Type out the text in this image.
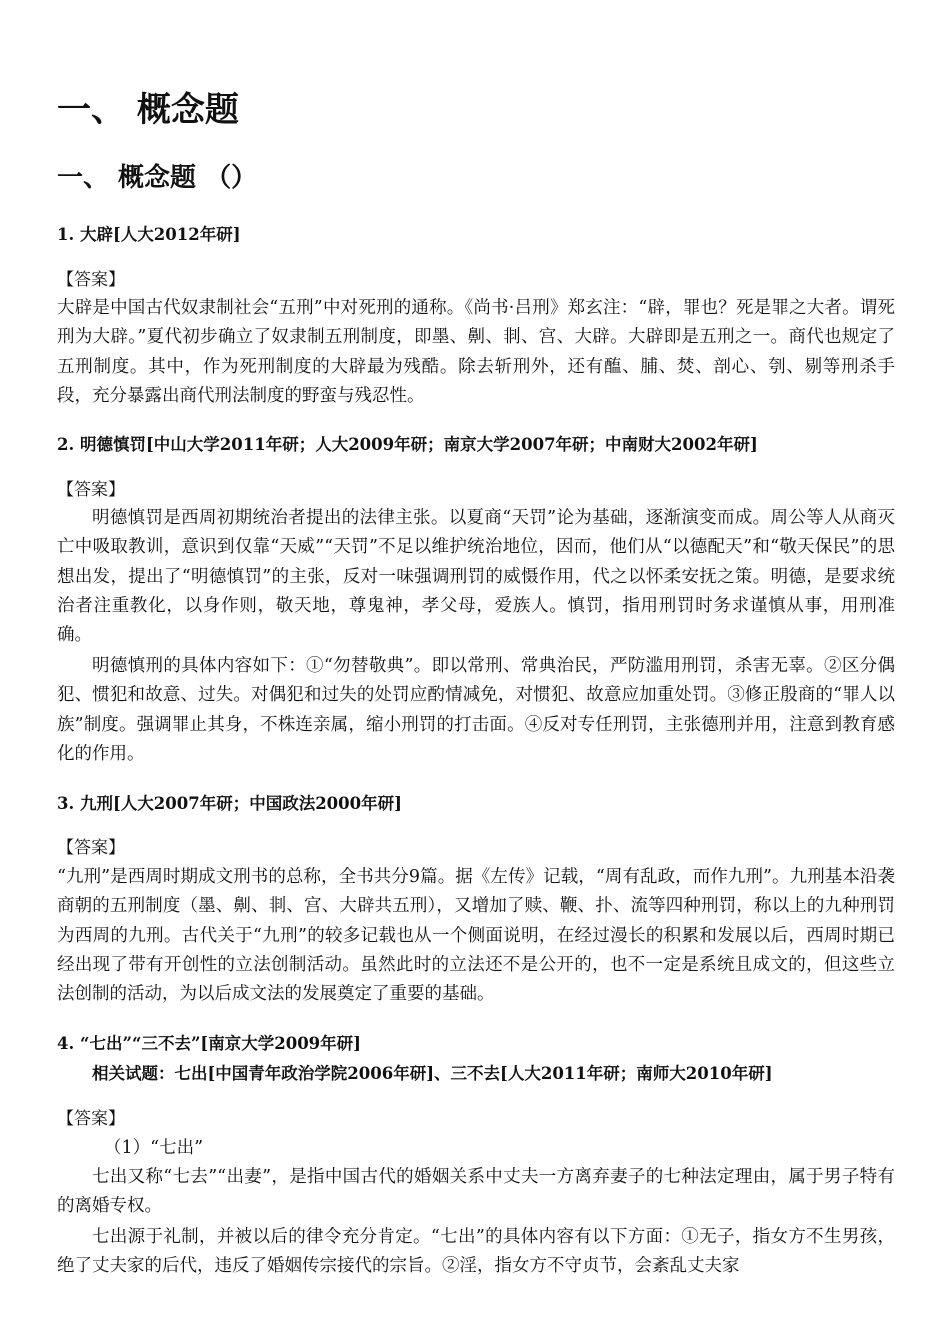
一、 概念题
一、 概念题 （）
1. 大辟[人大2012年研]
【答案】
大辟是中国古代奴隶制社会“五刑”中对死刑的通称。《尚书·吕刑》郑玄注：“辟，罪也？死是罪之大者。谓死刑为大辟。”夏代初步确立了奴隶制五刑制度，即墨、劓、剕、宫、大辟。大辟即是五刑之一。商代也规定了五刑制度。其中，作为死刑制度的大辟最为残酷。除去斩刑外，还有醢、脯、焚、剖心、刳、剔等刑杀手段，充分暴露出商代刑法制度的野蛮与残忍性。
2. 明德慎罚[中山大学2011年研；人大2009年研；南京大学2007年研；中南财大2002年研]
【答案】
明德慎罚是西周初期统治者提出的法律主张。以夏商“天罚”论为基础，逐渐演变而成。周公等人从商灭亡中吸取教训，意识到仅靠“天威”“天罚”不足以维护统治地位，因而，他们从“以德配天”和“敬天保民”的思想出发，提出了“明德慎罚”的主张，反对一味强调刑罚的威慑作用，代之以怀柔安抚之策。明德，是要求统治者注重教化，以身作则，敬天地，尊鬼神，孝父母，爱族人。慎罚，指用刑罚时务求谨慎从事，用刑准确。
明德慎刑的具体内容如下：①“勿替敬典”。即以常刑、常典治民，严防滥用刑罚，杀害无辜。②区分偶犯、惯犯和故意、过失。对偶犯和过失的处罚应酌情减免，对惯犯、故意应加重处罚。③修正殷商的“罪人以族”制度。强调罪止其身，不株连亲属，缩小刑罚的打击面。④反对专任刑罚，主张德刑并用，注意到教育感化的作用。
3. 九刑[人大2007年研；中国政法2000年研]
【答案】
“九刑”是西周时期成文刑书的总称，全书共分9篇。据《左传》记载，“周有乱政，而作九刑”。九刑基本沿袭商朝的五刑制度（墨、劓、剕、宫、大辟共五刑），又增加了赎、鞭、扑、流等四种刑罚，称以上的九种刑罚为西周的九刑。古代关于“九刑”的较多记载也从一个侧面说明，在经过漫长的积累和发展以后，西周时期已经出现了带有开创性的立法创制活动。虽然此时的立法还不是公开的，也不一定是系统且成文的，但这些立法创制的活动，为以后成文法的发展奠定了重要的基础。
4. “七出”“三不去”[南京大学2009年研]
相关试题：七出[中国青年政治学院2006年研]、三不去[人大2011年研；南师大2010年研]
【答案】
（1）“七出”
七出又称“七去”“出妻”，是指中国古代的婚姻关系中丈夫一方离弃妻子的七种法定理由，属于男子特有的离婚专权。
七出源于礼制，并被以后的律令充分肯定。“七出”的具体内容有以下方面：①无子，指女方不生男孩，绝了丈夫家的后代，违反了婚姻传宗接代的宗旨。②淫，指女方不守贞节，会紊乱丈夫家
